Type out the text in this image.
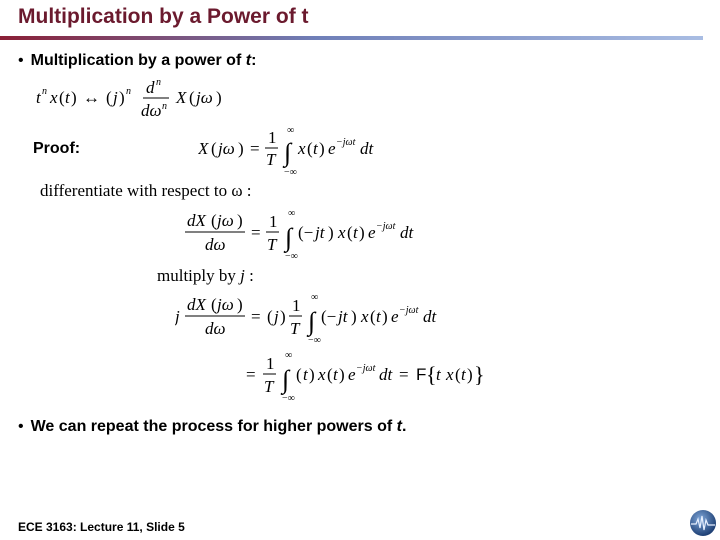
Multiplication by a Power of t
• Multiplication by a power of t:
t n x ( t ) ↔ ( j ) n d n
dω n X ( jω )
Proof:	X ( jω ) =
1
T ∫
∞
−∞
x ( t ) e −jωt dt
differentiate with respect to ω :
dX ( jω )
dω
=
1
T ∫
∞
−∞
(− jt ) x ( t ) e −jωt dt
multiply by j :
j
dX ( jω )
dω
= ( j )
1
T ∫
∞
−∞
(− jt ) x ( t ) e −jωt dt
=
1
T ∫
∞
−∞
( t ) x ( t ) e −jωt dt = F { t x ( t ) }
• We can repeat the process for higher powers of t.
ECE 3163: Lecture 11, Slide 5
